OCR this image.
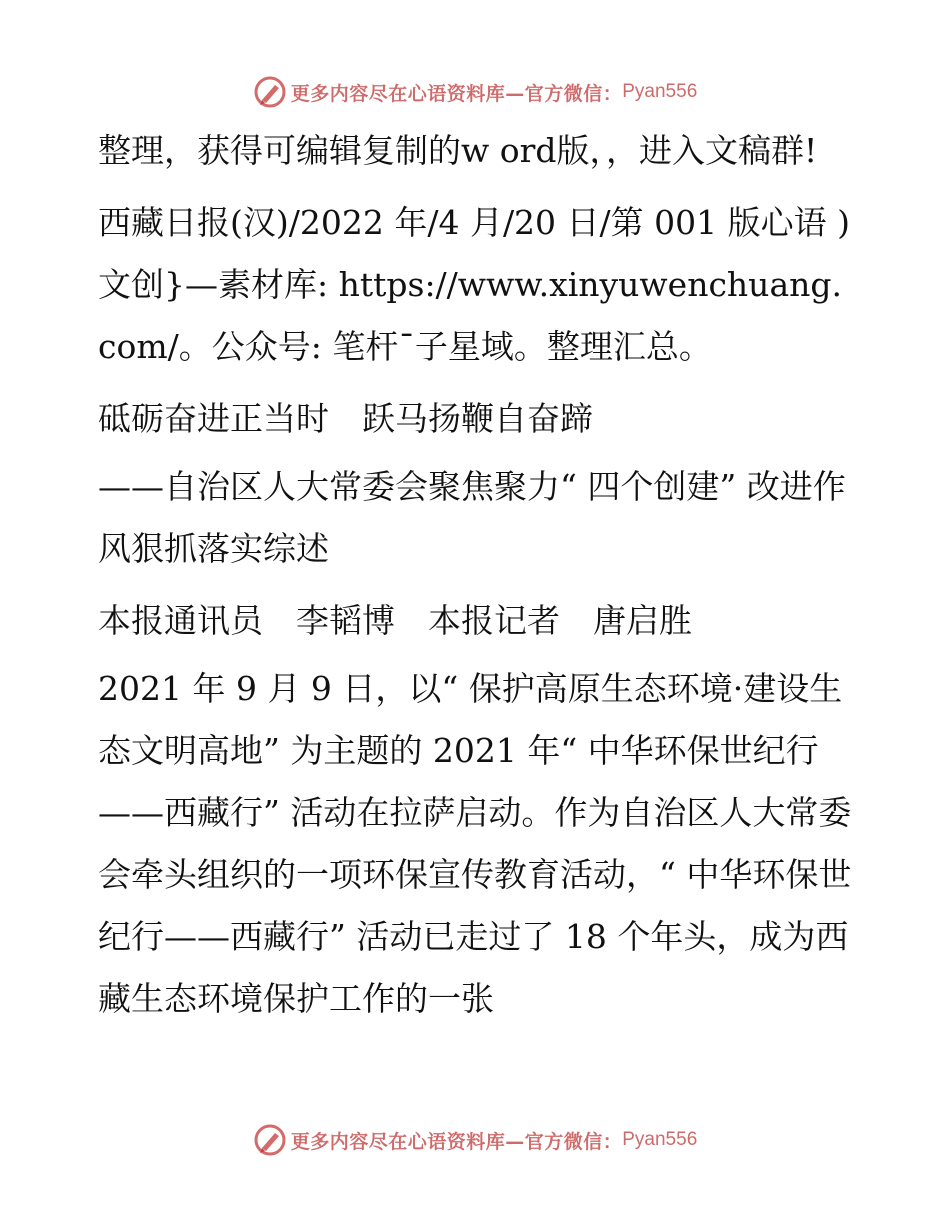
更多内容尽在心语资料库—官方微信： Pyan556

整理，获得可编辑复制的w ord版，，进入文稿群!

西藏日报(汉)/2022 年/4 月/20 日/第 001 版心语 ) 文创}—素材库: https://www.xinyuwenchuang.com/。公众号: 笔杆¯子星域。整理汇总。

砥砺奋进正当时　跃马扬鞭自奋蹄

——自治区人大常委会聚焦聚力“ 四个创建” 改进作风狠抓落实综述

本报通讯员　李韬博　本报记者　唐启胜

2021 年 9 月 9 日，以“ 保护高原生态环境·建设生态文明高地” 为主题的 2021 年“ 中华环保世纪行——西藏行” 活动在拉萨启动。作为自治区人大常委会牵头组织的一项环保宣传教育活动，“ 中华环保世纪行——西藏行” 活动已走过了 18 个年头，成为西藏生态环境保护工作的一张

更多内容尽在心语资料库—官方微信： Pyan556
